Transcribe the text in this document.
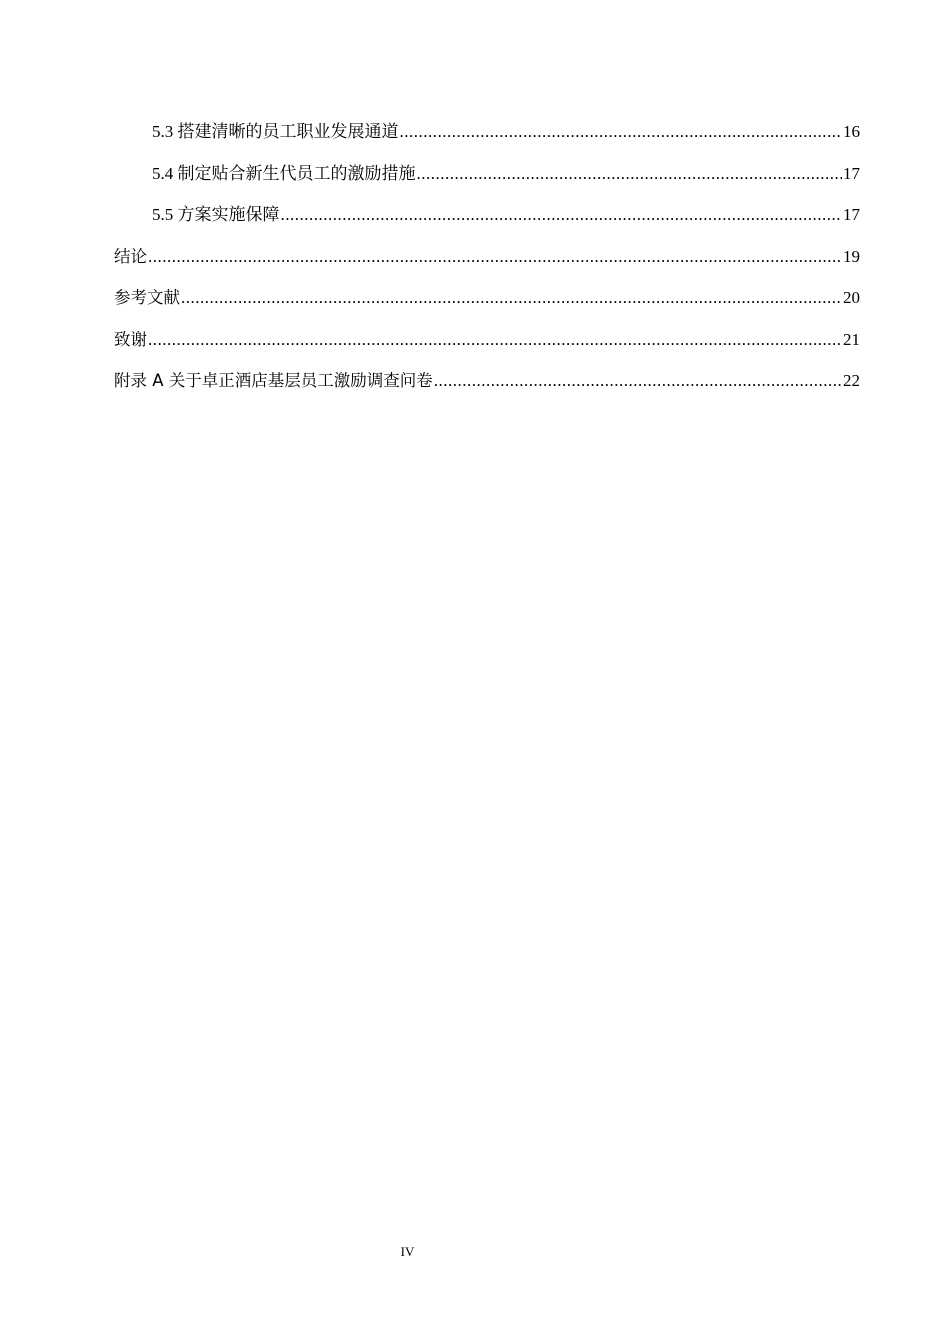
5.3 搭建清晰的员工职业发展通道 .....	16
5.4 制定贴合新生代员工的激励措施 .....	17
5.5 方案实施保障 .....	17
结论 .....	19
参考文献 .....	20
致谢 .....	21
附录 A 关于卓正酒店基层员工激励调查问卷 .....	22
IV
